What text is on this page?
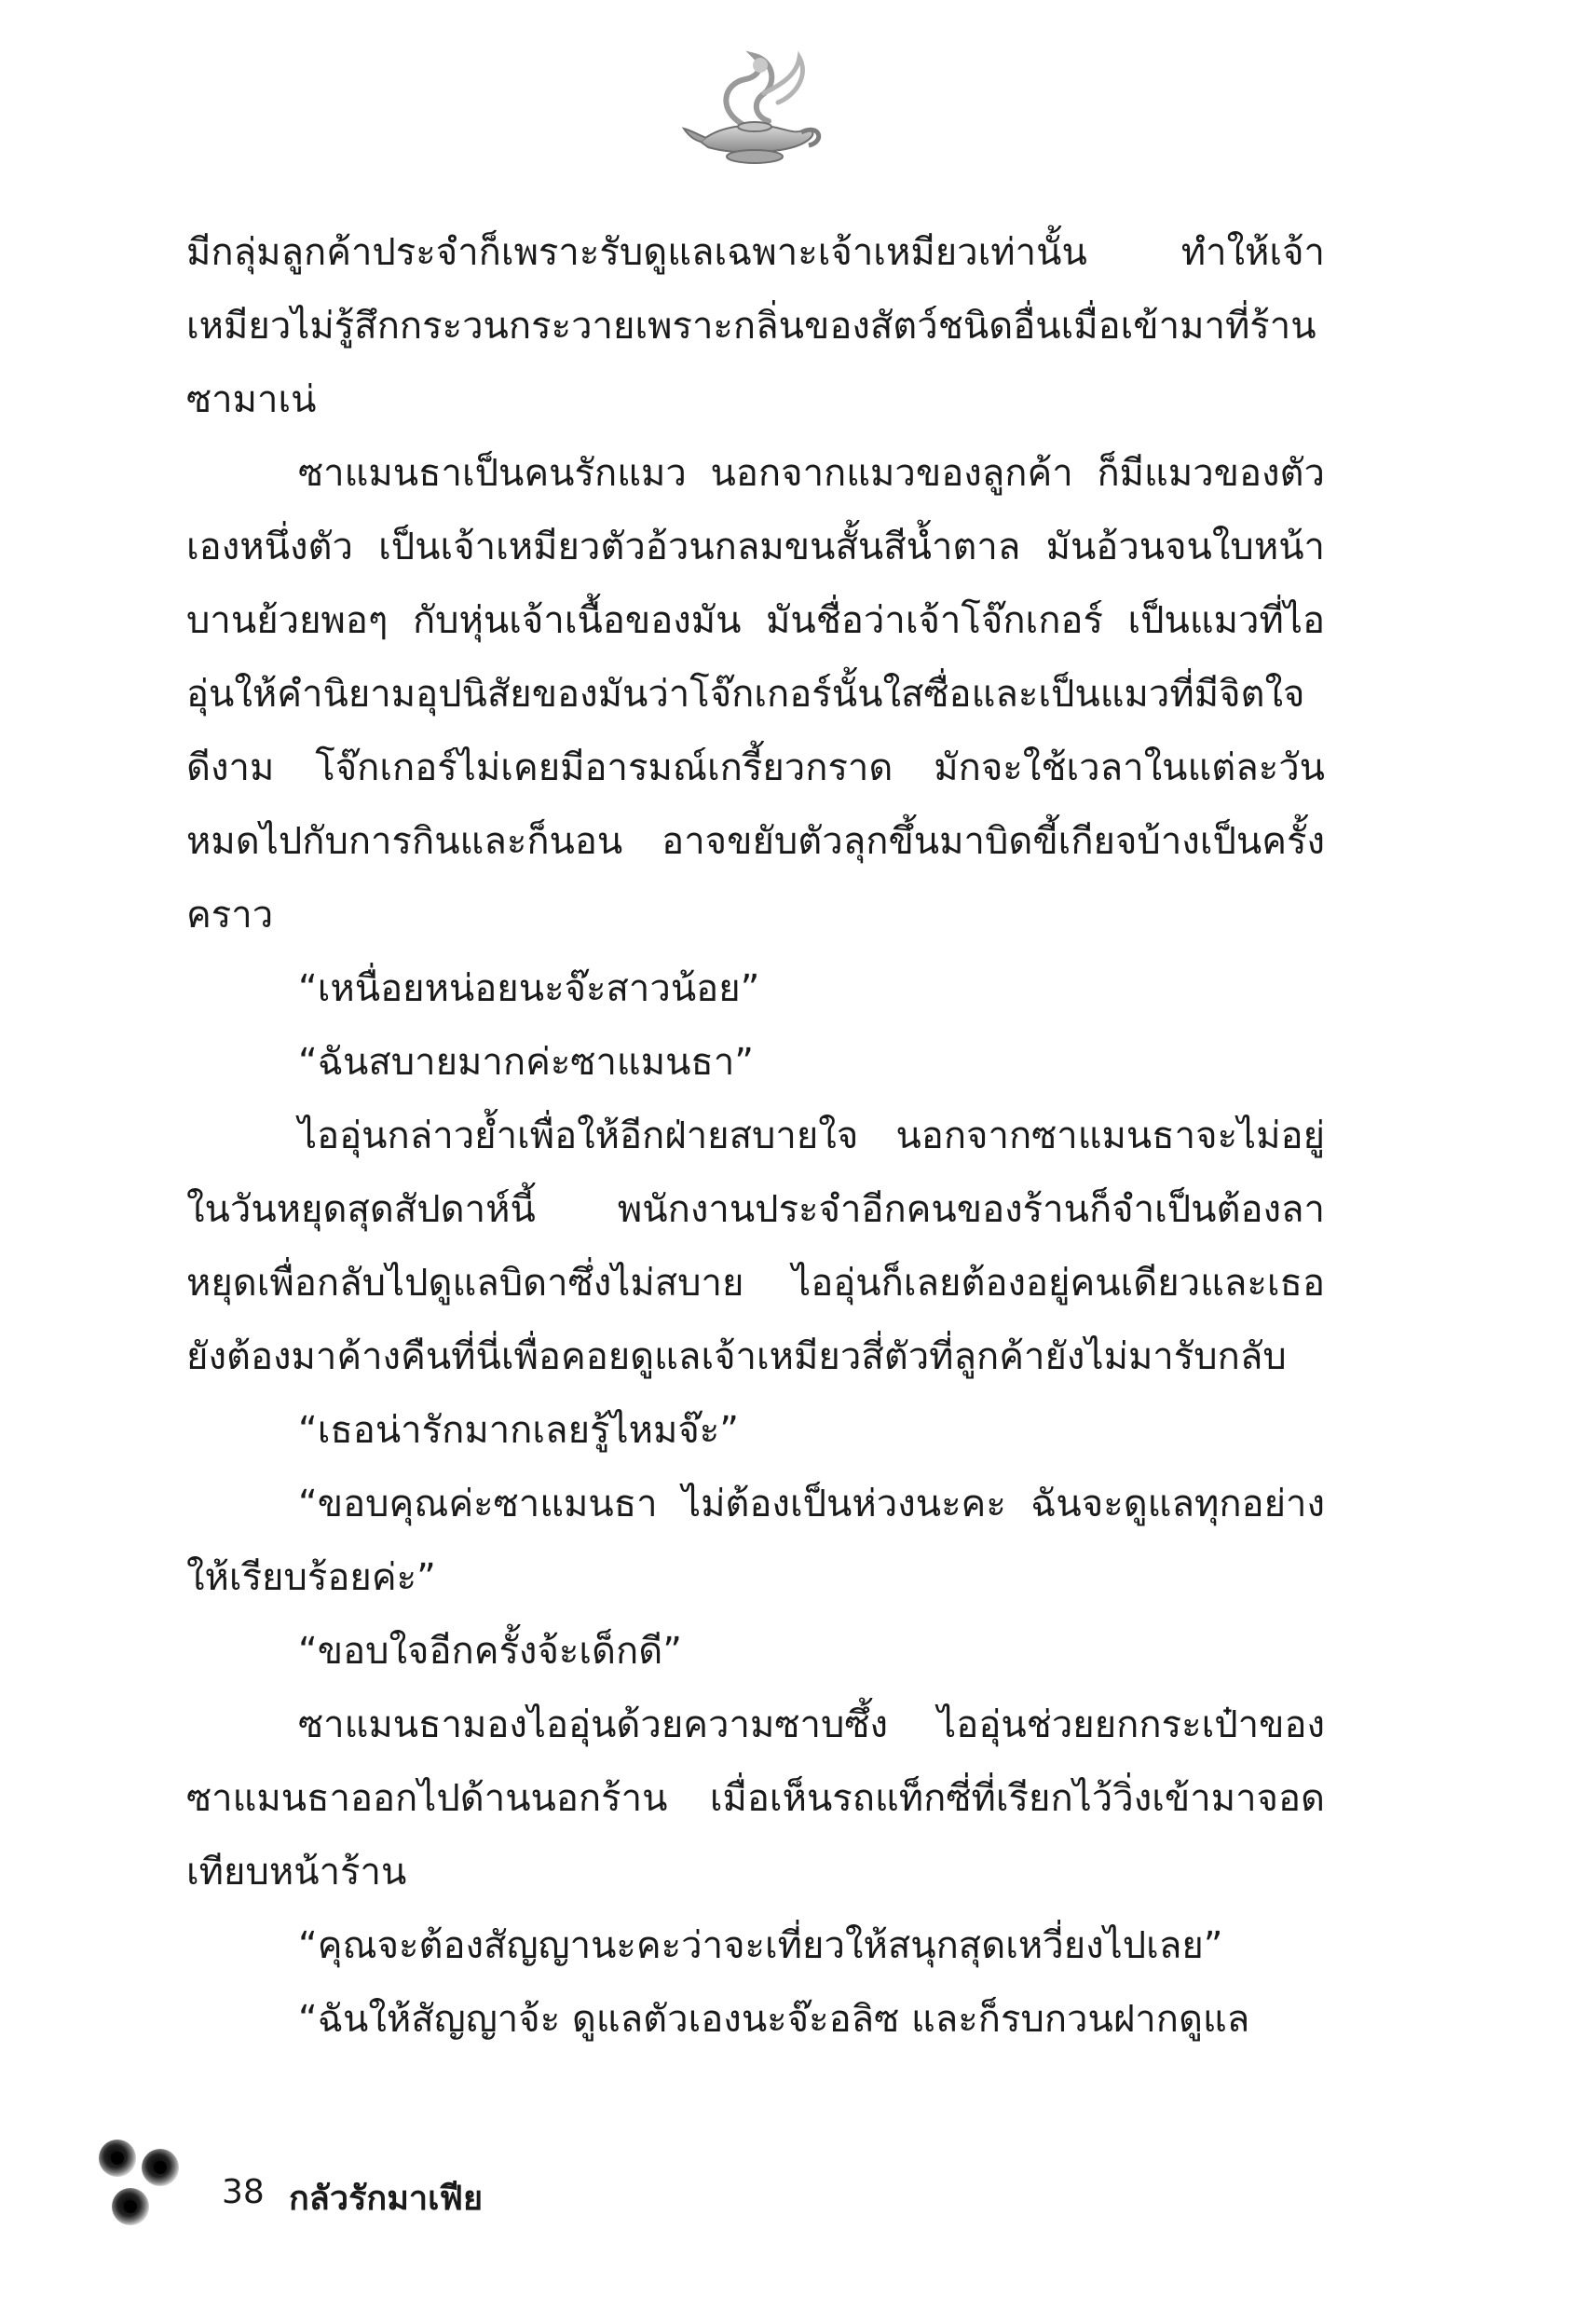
มีกลุ่มลูกค้าประจำก็เพราะรับดูแลเฉพาะเจ้าเหมียวเท่านั้น ทำให้เจ้าเหมียวไม่รู้สึกกระวนกระวายเพราะกลิ่นของสัตว์ชนิดอื่นเมื่อเข้ามาที่ร้านซามาเน่

ซาแมนธาเป็นคนรักแมว นอกจากแมวของลูกค้า ก็มีแมวของตัวเองหนึ่งตัว เป็นเจ้าเหมียวตัวอ้วนกลมขนสั้นสีน้ำตาล มันอ้วนจนใบหน้าบานย้วยพอๆ กับหุ่นเจ้าเนื้อของมัน มันชื่อว่าเจ้าโจ๊กเกอร์ เป็นแมวที่ไออุ่นให้คำนิยามอุปนิสัยของมันว่าโจ๊กเกอร์นั้นใสซื่อและเป็นแมวที่มีจิตใจดีงาม โจ๊กเกอร์ไม่เคยมีอารมณ์เกรี้ยวกราด มักจะใช้เวลาในแต่ละวันหมดไปกับการกินและก็นอน อาจขยับตัวลุกขึ้นมาบิดขี้เกียจบ้างเป็นครั้งคราว

“เหนื่อยหน่อยนะจ๊ะสาวน้อย”

“ฉันสบายมากค่ะซาแมนธา”

ไออุ่นกล่าวย้ำเพื่อให้อีกฝ่ายสบายใจ นอกจากซาแมนธาจะไม่อยู่ในวันหยุดสุดสัปดาห์นี้ พนักงานประจำอีกคนของร้านก็จำเป็นต้องลาหยุดเพื่อกลับไปดูแลบิดาซึ่งไม่สบาย ไออุ่นก็เลยต้องอยู่คนเดียวและเธอยังต้องมาค้างคืนที่นี่เพื่อคอยดูแลเจ้าเหมียวสี่ตัวที่ลูกค้ายังไม่มารับกลับ

“เธอน่ารักมากเลยรู้ไหมจ๊ะ”

“ขอบคุณค่ะซาแมนธา ไม่ต้องเป็นห่วงนะคะ ฉันจะดูแลทุกอย่างให้เรียบร้อยค่ะ”

“ขอบใจอีกครั้งจ้ะเด็กดี”

ซาแมนธามองไออุ่นด้วยความซาบซึ้ง ไออุ่นช่วยยกกระเป๋าของซาแมนธาออกไปด้านนอกร้าน เมื่อเห็นรถแท็กซี่ที่เรียกไว้วิ่งเข้ามาจอดเทียบหน้าร้าน

“คุณจะต้องสัญญานะคะว่าจะเที่ยวให้สนุกสุดเหวี่ยงไปเลย”

“ฉันให้สัญญาจ้ะ ดูแลตัวเองนะจ๊ะอลิซ และก็รบกวนฝากดูแล

38 กลัวรักมาเฟีย
